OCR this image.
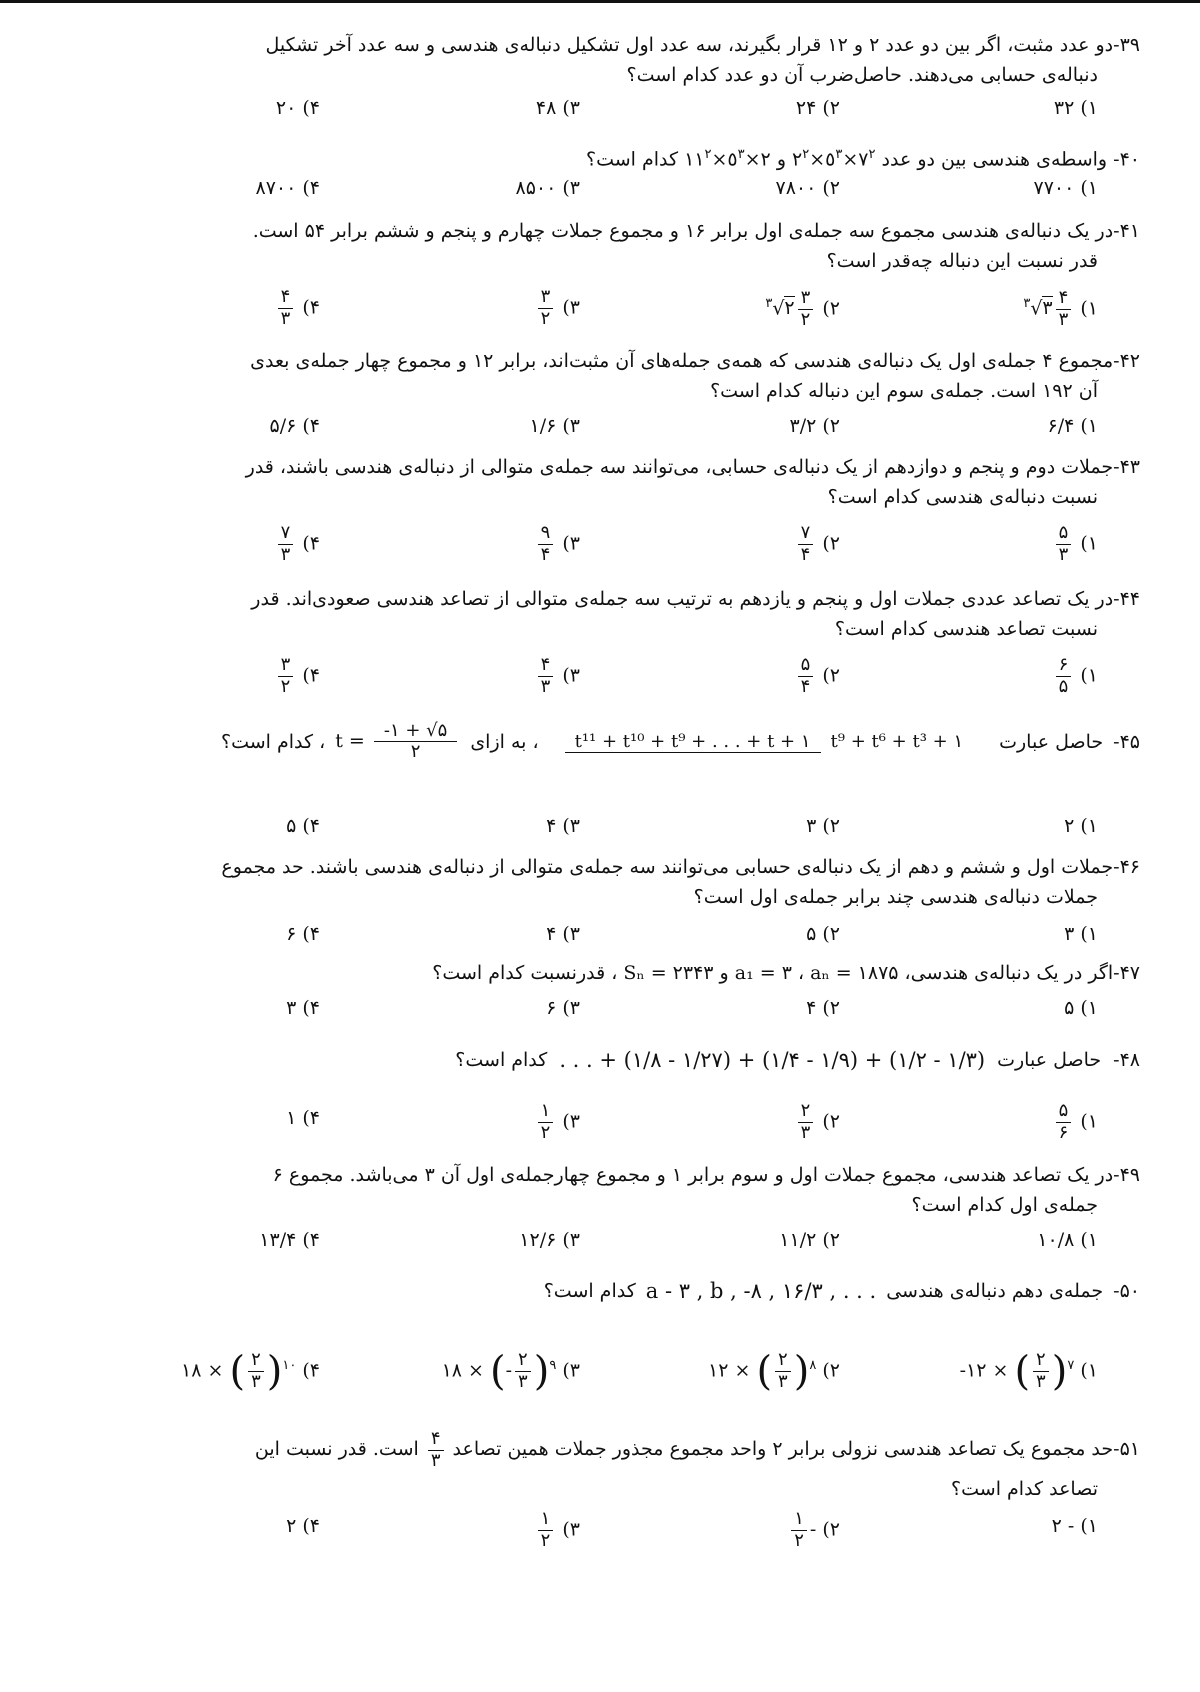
۳۹-دو عدد مثبت، اگر بین دو عدد ۲ و ۱۲ قرار بگیرند، سه عدد اول تشکیل دنباله‌ی هندسی و سه عدد آخر تشکیل
دنباله‌ی حسابی می‌دهند. حاصل‌ضرب آن دو عدد کدام است؟
۱) ۳۲
۲) ۲۴
۳) ۴۸
۴) ۲۰
۴۰- واسطه‌ی هندسی بین دو عدد $٢^۲\times ٥^۳\times ٧^۲$ و $١١^۲\times ٥^۳\times ٢$ کدام است؟
۱) ۷۷۰۰
۲) ۷۸۰۰
۳) ۸۵۰۰
۴) ۸۷۰۰
۴۱-در یک دنباله‌ی هندسی مجموع سه جمله‌ی اول برابر ۱۶ و مجموع جملات چهارم و پنجم و ششم برابر ۵۴ است.
قدر نسبت این دنباله چه‌قدر است؟
۱)
$\frac{۴}{۳}$
$^۳$√۳
۲)
$\frac{۳}{۲}$
$^۳$√۲
۳)
$\frac{۳}{۲}$
۴)
$\frac{۴}{۳}$
۴۲-مجموع ۴ جمله‌ی اول یک دنباله‌ی هندسی که همه‌ی جمله‌های آن مثبت‌اند، برابر ۱۲ و مجموع چهار جمله‌ی بعدی
آن ۱۹۲ است. جمله‌ی سوم این دنباله کدام است؟
۱) ۶/۴
۲) ۳/۲
۳) ۱/۶
۴) ۵/۶
۴۳-جملات دوم و پنجم و دوازدهم از یک دنباله‌ی حسابی، می‌توانند سه جمله‌ی متوالی از دنباله‌ی هندسی باشند، قدر
نسبت دنباله‌ی هندسی کدام است؟
۱)
$\frac{۵}{۳}$
۲)
$\frac{۷}{۴}$
۳)
$\frac{۹}{۴}$
۴)
$\frac{۷}{۳}$
۴۴-در یک تصاعد عددی جملات اول و پنجم و یازدهم به ترتیب سه جمله‌ی متوالی از تصاعد هندسی صعودی‌اند. قدر
نسبت تصاعد هندسی کدام است؟
۱)
$\frac{۶}{۵}$
۲)
$\frac{۵}{۴}$
۳)
$\frac{۴}{۳}$
۴)
$\frac{۳}{۲}$
۴۵-
حاصل عبارت
t¹¹ + t¹⁰ + t⁹ + . . . + t + ۱ t⁹ + t⁶ + t³ + ۱
، به ازای
$t = \frac{-۱ + √۵}{۲}$
، کدام است؟
۱) ۲
۲) ۳
۳) ۴
۴) ۵
۴۶-جملات اول و ششم و دهم از یک دنباله‌ی حسابی می‌توانند سه جمله‌ی متوالی از دنباله‌ی هندسی باشند. حد مجموع
جملات دنباله‌ی هندسی چند برابر جمله‌ی اول است؟
۱) ۳
۲) ۵
۳) ۴
۴) ۶
۴۷-اگر در یک دنباله‌ی هندسی، a₁ = ۳ ، aₙ = ۱۸۷۵ و Sₙ = ۲۳۴۳ ، قدرنسبت کدام است؟
۱) ۵
۲) ۴
۳) ۶
۴) ۳
۴۸-
حاصل عبارت
. . . + (۱/۸ - ۱/۲۷) + (۱/۴ - ۱/۹) + (۱/۲ - ۱/۳)
کدام است؟
۱)
$\frac{۵}{۶}$
۲)
$\frac{۲}{۳}$
۳)
$\frac{۱}{۲}$
۴) ۱
۴۹-در یک تصاعد هندسی، مجموع جملات اول و سوم برابر ۱ و مجموع چهارجمله‌ی اول آن ۳ می‌باشد. مجموع ۶
جمله‌ی اول کدام است؟
۱) ۱۰/۸
۲) ۱۱/۲
۳) ۱۲/۶
۴) ۱۳/۴
۵۰-
جمله‌ی دهم دنباله‌ی هندسی
a - ۳ , b , -۸ , ۱۶/۳ , . . .
کدام است؟
۱) -۱۲ × ( $\frac{٢}{٣} )^۷$
۲) ۱۲ × ( $\frac{٢}{٣} )^۸$
۳) ۱۸ × (- $\frac{٢}{٣} )^۹$
۴) ۱۸ × ( $\frac{٢}{٣} )^{۱۰}$
۵۱-حد مجموع یک تصاعد هندسی نزولی برابر ۲ واحد مجموع مجذور جملات همین تصاعد
$\frac{۴}{۳}$
است. قدر نسبت این
تصاعد کدام است؟
۱) - ۲
۲) -
$\frac{۱}{۲}$
۳)
$\frac{۱}{۲}$
۴) ۲
